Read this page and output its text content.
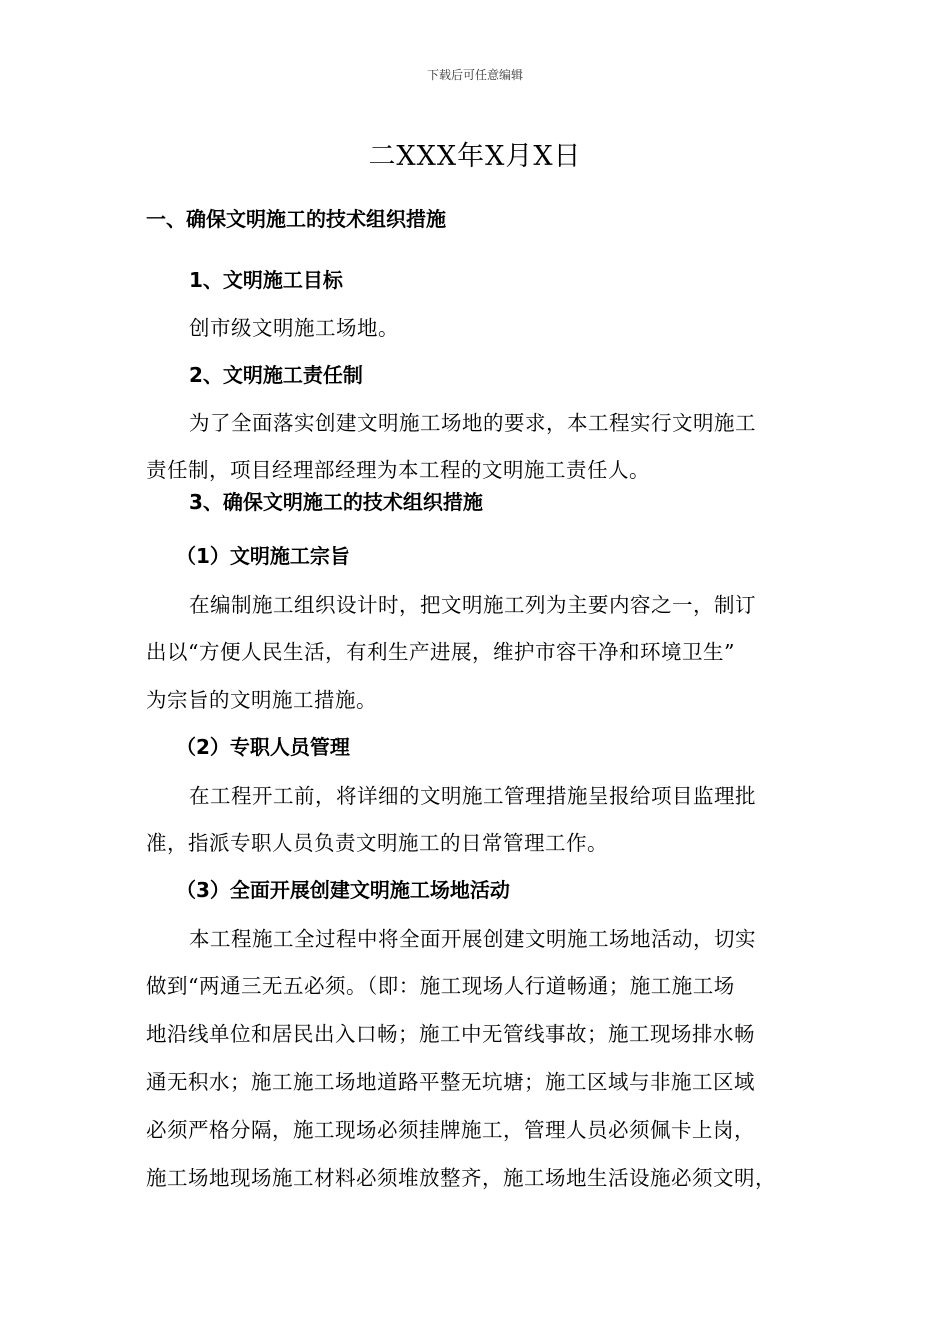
下载后可任意编辑
二XXX年X月X日
一、确保文明施工的技术组织措施
1、文明施工目标
创市级文明施工场地。
2、文明施工责任制
为了全面落实创建文明施工场地的要求，本工程实行文明施工
责任制，项目经理部经理为本工程的文明施工责任人。
3、确保文明施工的技术组织措施
（1）文明施工宗旨
在编制施工组织设计时，把文明施工列为主要内容之一，制订
出以“方便人民生活，有利生产进展，维护市容干净和环境卫生”
为宗旨的文明施工措施。
（2）专职人员管理
在工程开工前，将详细的文明施工管理措施呈报给项目监理批
准，指派专职人员负责文明施工的日常管理工作。
（3）全面开展创建文明施工场地活动
本工程施工全过程中将全面开展创建文明施工场地活动，切实
做到“两通三无五必须。（即：施工现场人行道畅通；施工施工场
地沿线单位和居民出入口畅；施工中无管线事故；施工现场排水畅
通无积水；施工施工场地道路平整无坑塘；施工区域与非施工区域
必须严格分隔，施工现场必须挂牌施工，管理人员必须佩卡上岗，
施工场地现场施工材料必须堆放整齐，施工场地生活设施必须文明，
